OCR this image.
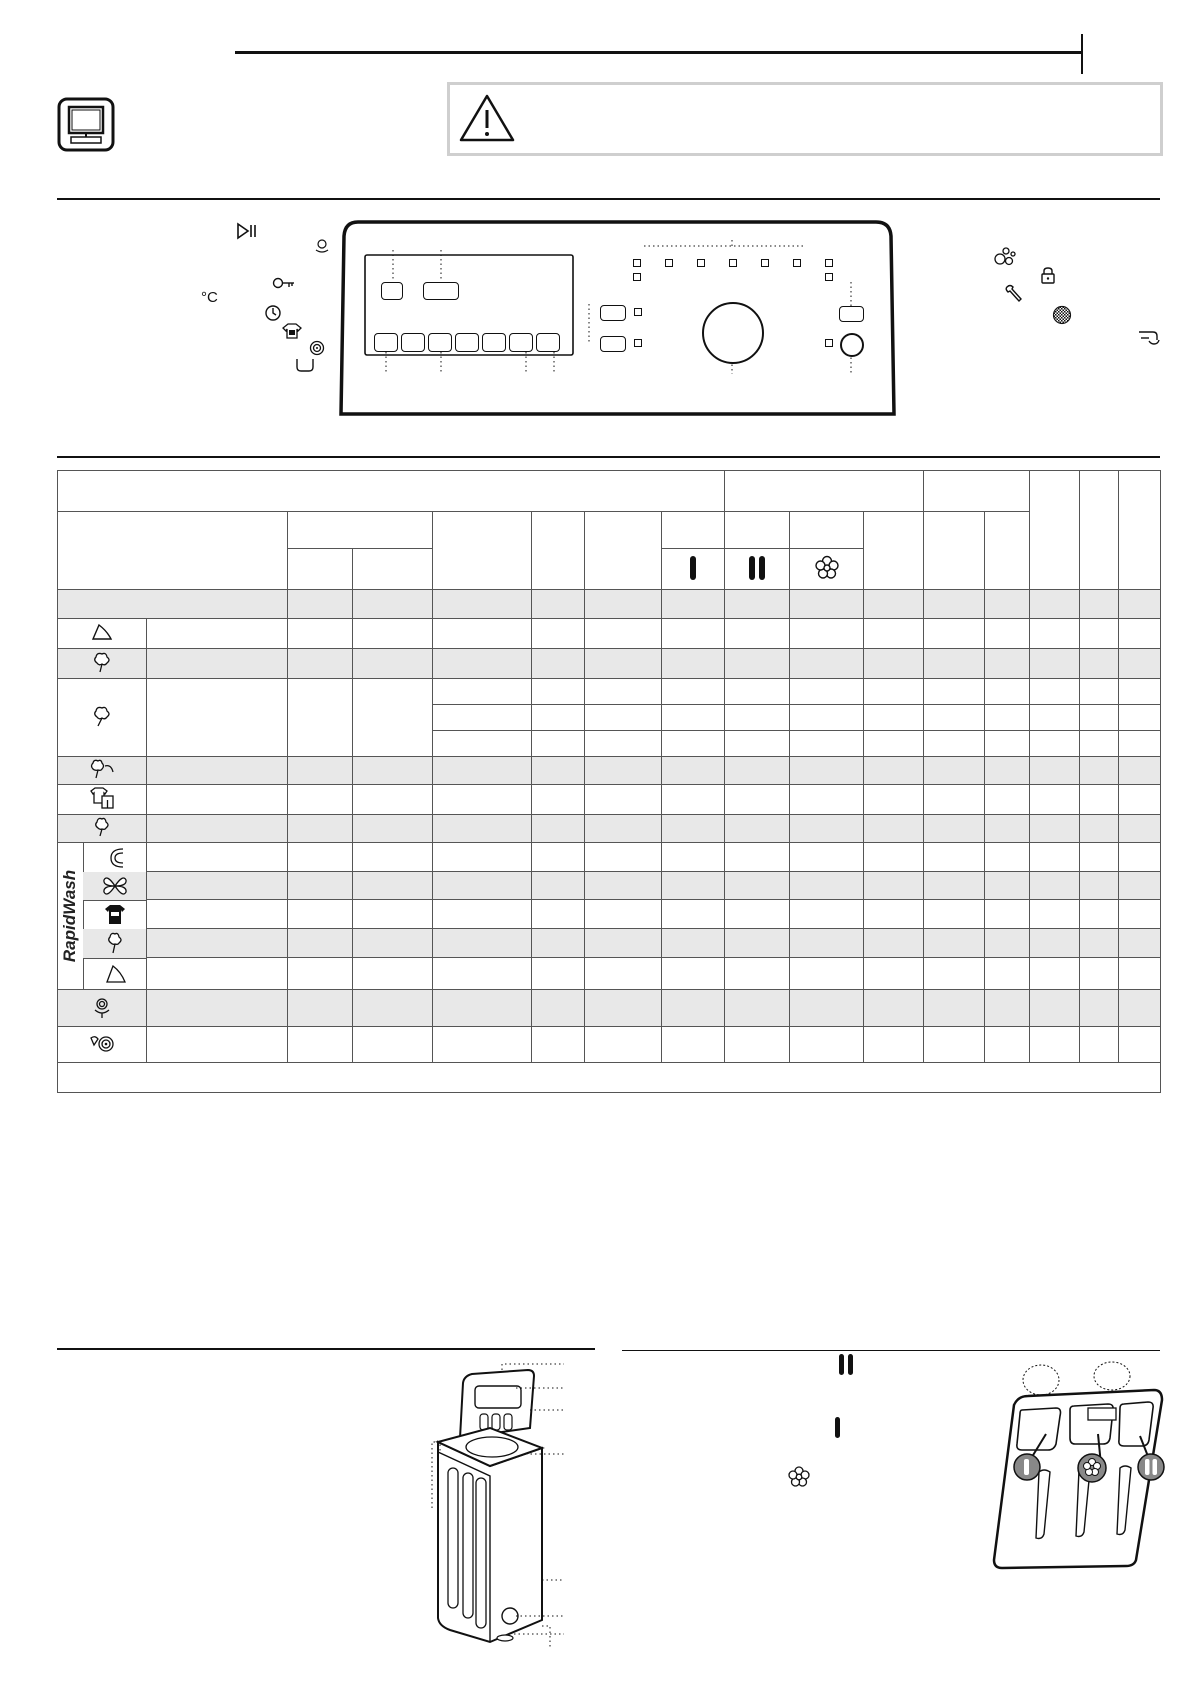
°C

RapidWash																
